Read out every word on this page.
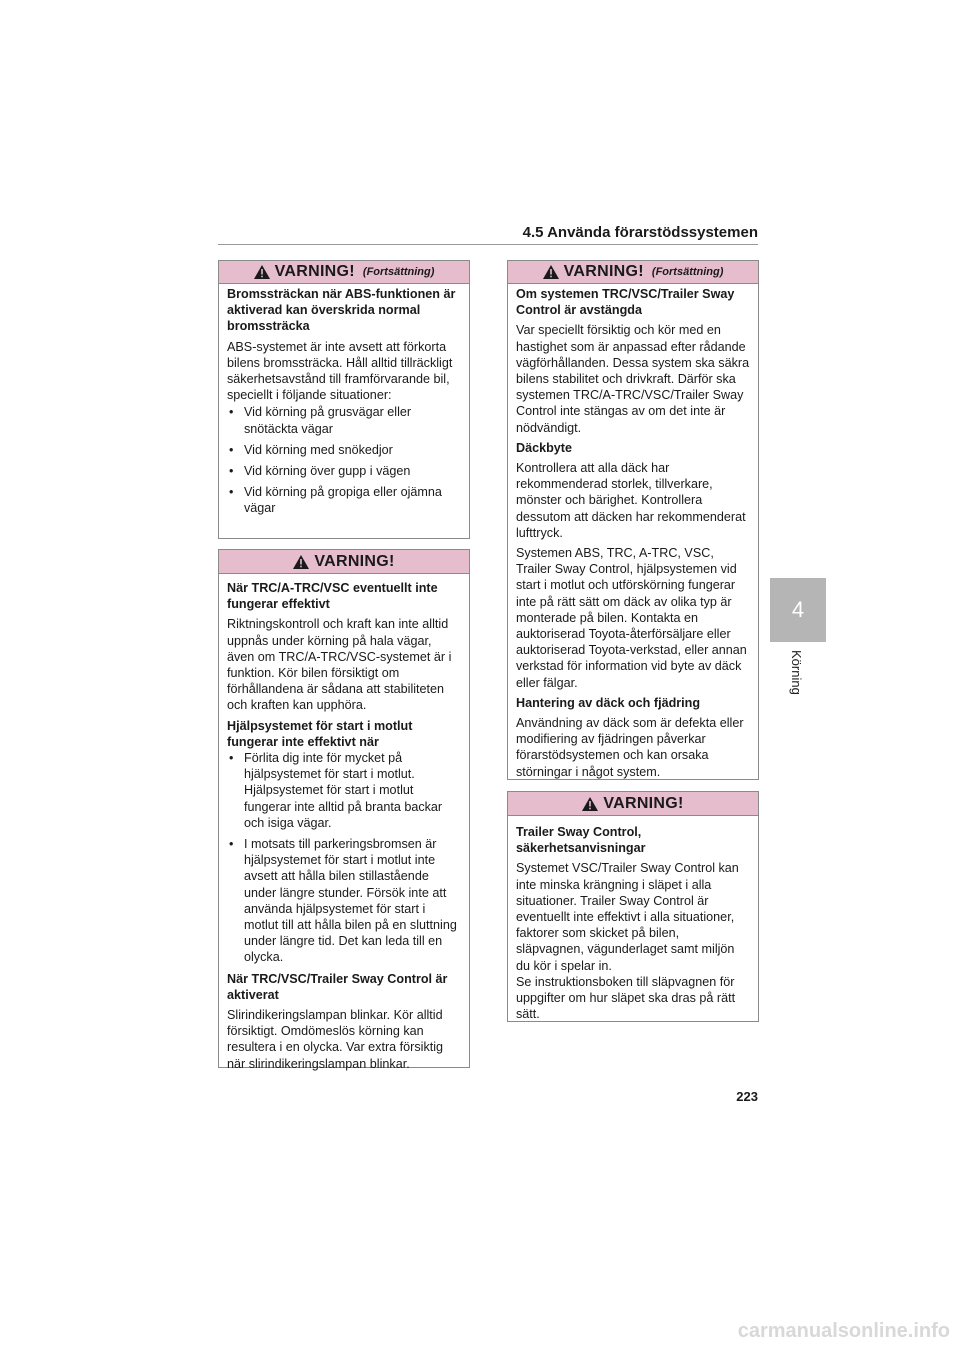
4.5 Använda förarstödssystemen
4
Körning
VARNING! (Fortsättning)

Bromssträckan när ABS-funktionen är aktiverad kan överskrida normal bromssträcka

ABS-systemet är inte avsett att förkorta bilens bromssträcka. Håll alltid tillräckligt säkerhetsavstånd till framförvarande bil, speciellt i följande situationer:

• Vid körning på grusvägar eller snötäckta vägar
• Vid körning med snökedjor
• Vid körning över gupp i vägen
• Vid körning på gropiga eller ojämna vägar
VARNING!

När TRC/A-TRC/VSC eventuellt inte fungerar effektivt

Riktningskontroll och kraft kan inte alltid uppnås under körning på hala vägar, även om TRC/A-TRC/VSC-systemet är i funktion. Kör bilen försiktigt om förhållandena är sådana att stabiliteten och kraften kan upphöra.

Hjälpsystemet för start i motlut fungerar inte effektivt när

• Förlita dig inte för mycket på hjälpsystemet för start i motlut. Hjälpsystemet för start i motlut fungerar inte alltid på branta backar och isiga vägar.
• I motsats till parkeringsbromsen är hjälpsystemet för start i motlut inte avsett att hålla bilen stillastående under längre stunder. Försök inte att använda hjälpsystemet för start i motlut till att hålla bilen på en sluttning under längre tid. Det kan leda till en olycka.

När TRC/VSC/Trailer Sway Control är aktiverat

Slirindikeringslampan blinkar. Kör alltid försiktigt. Omdömeslös körning kan resultera i en olycka. Var extra försiktig när slirindikeringslampan blinkar.

VARNING! (Fortsättning)

Om systemen TRC/VSC/Trailer Sway Control är avstängda

Var speciellt försiktig och kör med en hastighet som är anpassad efter rådande vägförhållanden. Dessa system ska säkra bilens stabilitet och drivkraft. Därför ska systemen TRC/A-TRC/VSC/Trailer Sway Control inte stängas av om det inte är nödvändigt.

Däckbyte

Kontrollera att alla däck har rekommenderad storlek, tillverkare, mönster och bärighet. Kontrollera dessutom att däcken har rekommenderat lufttryck.

Systemen ABS, TRC, A-TRC, VSC, Trailer Sway Control, hjälpsystemen vid start i motlut och utförskörning fungerar inte på rätt sätt om däck av olika typ är monterade på bilen. Kontakta en auktoriserad Toyota-återförsäljare eller auktoriserad Toyota-verkstad, eller annan verkstad för information vid byte av däck eller fälgar.

Hantering av däck och fjädring

Användning av däck som är defekta eller modifiering av fjädringen påverkar förarstödsystemen och kan orsaka störningar i något system.

VARNING!

Trailer Sway Control, säkerhetsanvisningar

Systemet VSC/Trailer Sway Control kan inte minska krängning i släpet i alla situationer. Trailer Sway Control är eventuellt inte effektivt i alla situationer, faktorer som skicket på bilen, släpvagnen, vägunderlaget samt miljön du kör i spelar in.

Se instruktionsboken till släpvagnen för uppgifter om hur släpet ska dras på rätt sätt.

223
carmanualsonline.info
